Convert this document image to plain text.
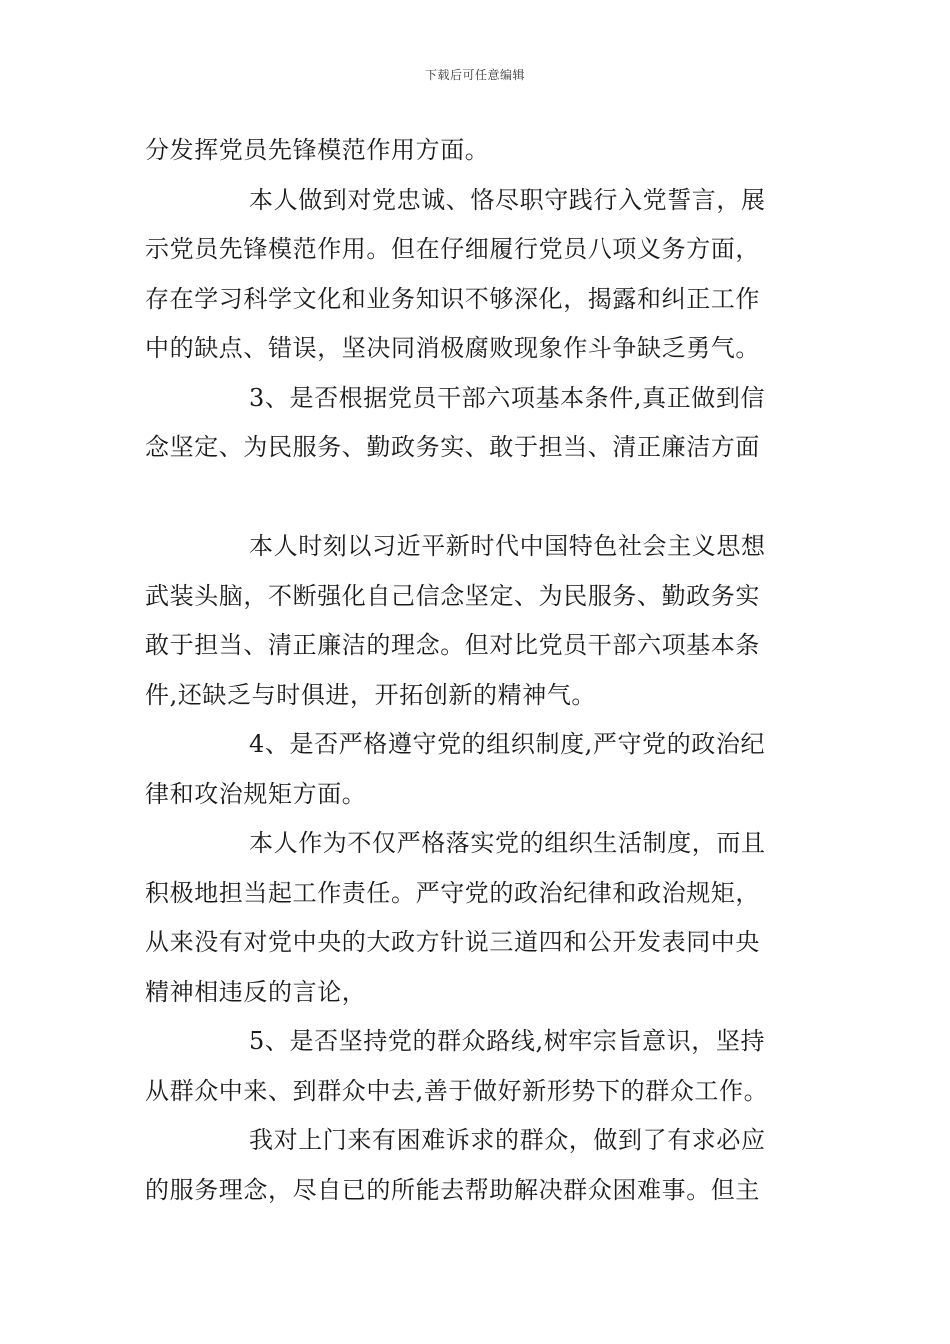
下载后可任意编辑
分发挥党员先锋模范作用方面。
本人做到对党忠诚、恪尽职守践行入党誓言，展
示党员先锋模范作用。但在仔细履行党员八项义务方面，
存在学习科学文化和业务知识不够深化，揭露和纠正工作
中的缺点、错误，坚决同消极腐败现象作斗争缺乏勇气。
3、是否根据党员干部六项基本条件,真正做到信
念坚定、为民服务、勤政务实、敢于担当、清正廉洁方面
本人时刻以习近平新时代中国特色社会主义思想
武装头脑，不断强化自己信念坚定、为民服务、勤政务实
敢于担当、清正廉洁的理念。但对比党员干部六项基本条
件,还缺乏与时俱进，开拓创新的精神气。
4、是否严格遵守党的组织制度,严守党的政治纪
律和攻治规矩方面。
本人作为不仅严格落实党的组织生活制度，而且
积极地担当起工作责任。严守党的政治纪律和政治规矩，
从来没有对党中央的大政方针说三道四和公开发表同中央
精神相违反的言论，
5、是否坚持党的群众路线,树牢宗旨意识，坚持
从群众中来、到群众中去,善于做好新形势下的群众工作。
我对上门来有困难诉求的群众，做到了有求必应
的服务理念，尽自已的所能去帮助解决群众困难事。但主
